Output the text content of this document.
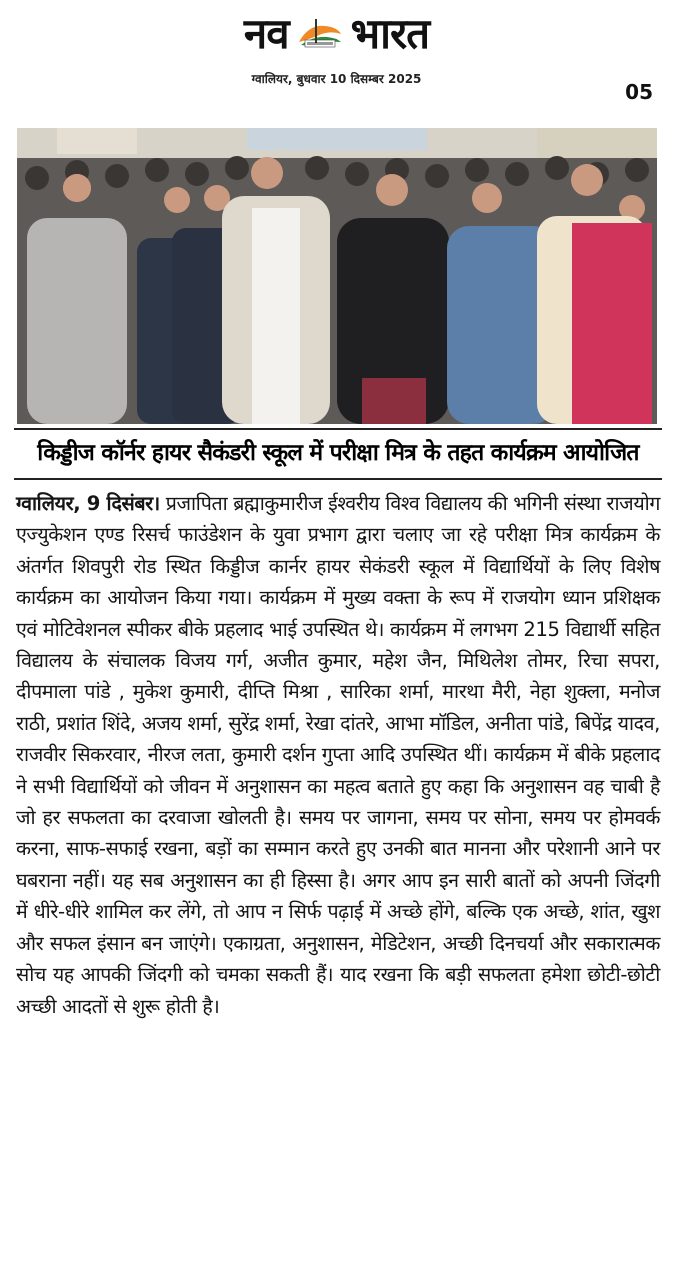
नव भारत
ग्वालियर, बुधवार 10 दिसम्बर 2025
05
किड्डीज कॉर्नर हायर सैकंडरी स्कूल में परीक्षा मित्र के तहत कार्यक्रम आयोजित

ग्वालियर, 9 दिसंबर। प्रजापिता ब्रह्माकुमारीज ईश्वरीय विश्व विद्यालय की भगिनी संस्था राजयोग एज्युकेशन एण्ड रिसर्च फाउंडेशन के युवा प्रभाग द्वारा चलाए जा रहे परीक्षा मित्र कार्यक्रम के अंतर्गत शिवपुरी रोड स्थित किड्डीज कार्नर हायर सेकंडरी स्कूल में विद्यार्थियों के लिए विशेष कार्यक्रम का आयोजन किया गया। कार्यक्रम में मुख्य वक्ता के रूप में राजयोग ध्यान प्रशिक्षक एवं मोटिवेशनल स्पीकर बीके प्रहलाद भाई उपस्थित थे। कार्यक्रम में लगभग 215 विद्यार्थी सहित विद्यालय के संचालक विजय गर्ग, अजीत कुमार, महेश जैन, मिथिलेश तोमर, रिचा सपरा, दीपमाला पांडे , मुकेश कुमारी, दीप्ति मिश्रा , सारिका शर्मा, मारथा मैरी, नेहा शुक्ला, मनोज राठी, प्रशांत शिंदे, अजय शर्मा, सुरेंद्र शर्मा, रेखा दांतरे, आभा मॉडिल, अनीता पांडे, बिपेंद्र यादव, राजवीर सिकरवार, नीरज लता, कुमारी दर्शन गुप्ता आदि उपस्थित थीं। कार्यक्रम में बीके प्रहलाद ने सभी विद्यार्थियों को जीवन में अनुशासन का महत्व बताते हुए कहा कि अनुशासन वह चाबी है जो हर सफलता का दरवाजा खोलती है। समय पर जागना, समय पर सोना, समय पर होमवर्क करना, साफ-सफाई रखना, बड़ों का सम्मान करते हुए उनकी बात मानना और परेशानी आने पर घबराना नहीं। यह सब अनुशासन का ही हिस्सा है। अगर आप इन सारी बातों को अपनी जिंदगी में धीरे-धीरे शामिल कर लेंगे, तो आप न सिर्फ पढ़ाई में अच्छे होंगे, बल्कि एक अच्छे, शांत, खुश और सफल इंसान बन जाएंगे। एकाग्रता, अनुशासन, मेडिटेशन, अच्छी दिनचर्या और सकारात्मक सोच यह आपकी जिंदगी को चमका सकती हैं। याद रखना कि बड़ी सफलता हमेशा छोटी-छोटी अच्छी आदतों से शुरू होती है।
